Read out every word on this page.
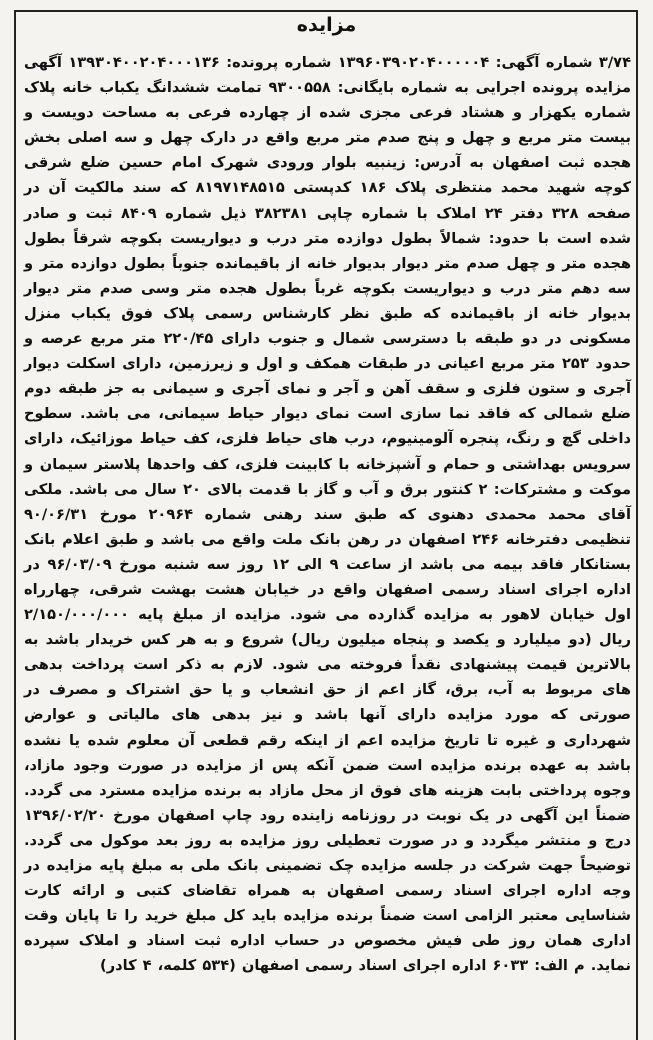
مزایده
۳/۷۴ شماره آگهی: ۱۳۹۶۰۳۹۰۲۰۴۰۰۰۰۰۴ شماره پرونده: ۱۳۹۳۰۴۰۰۲۰۴۰۰۰۱۳۶ آگهی مزایده پرونده اجرایی به شماره بایگانی: ۹۳۰۰۵۵۸ تمامت ششدانگ یکباب خانه پلاک شماره یکهزار و هشتاد فرعی مجزی شده از چهارده فرعی به مساحت دویست و بیست متر مربع و چهل و پنج صدم متر مربع واقع در دارک چهل و سه اصلی بخش هجده ثبت اصفهان به آدرس: زینبیه بلوار ورودی شهرک امام حسین ضلع شرقی کوچه شهید محمد منتظری پلاک ۱۸۶ کدپستی ۸۱۹۷۱۴۸۵۱۵ که سند مالکیت آن در صفحه ۳۲۸ دفتر ۲۴ املاک با شماره چاپی ۳۸۲۳۸۱ ذیل شماره ۸۴۰۹ ثبت و صادر شده است با حدود: شمالاً بطول دوازده متر درب و دیواریست بکوچه شرقاً بطول هجده متر و چهل صدم متر دیوار بدیوار خانه از باقیمانده جنوباً بطول دوازده متر و سه دهم متر درب و دیواریست بکوچه غرباً بطول هجده متر وسی صدم متر دیوار بدیوار خانه از باقیمانده که طبق نظر کارشناس رسمی پلاک فوق یکباب منزل مسکونی در دو طبقه با دسترسی شمال و جنوب دارای ۲۲۰/۴۵ متر مربع عرصه و حدود ۲۵۳ متر مربع اعیانی در طبقات همکف و اول و زیرزمین، دارای اسکلت دیوار آجری و ستون فلزی و سقف آهن و آجر و نمای آجری و سیمانی به جز طبقه دوم ضلع شمالی که فاقد نما سازی است نمای دیوار حیاط سیمانی، می باشد. سطوح داخلی گچ و رنگ، پنجره آلومینیوم، درب های حیاط فلزی، کف حیاط موزائیک، دارای سرویس بهداشتی و حمام و آشپزخانه با کابینت فلزی، کف واحدها پلاستر سیمان و موکت و مشترکات: ۲ کنتور برق و آب و گاز با قدمت بالای ۲۰ سال می باشد. ملکی آقای محمد محمدی دهنوی که طبق سند رهنی شماره ۲۰۹۶۴ مورخ ۹۰/۰۶/۳۱ تنظیمی دفترخانه ۲۴۶ اصفهان در رهن بانک ملت واقع می باشد و طبق اعلام بانک بستانکار فاقد بیمه می باشد از ساعت ۹ الی ۱۲ روز سه شنبه مورخ ۹۶/۰۳/۰۹ در اداره اجرای اسناد رسمی اصفهان واقع در خیابان هشت بهشت شرقی، چهارراه اول خیابان لاهور به مزایده گذارده می شود. مزایده از مبلغ پایه ۲/۱۵۰/۰۰۰/۰۰۰ ریال (دو میلیارد و یکصد و پنجاه میلیون ریال) شروع و به هر کس خریدار باشد به بالاترین قیمت پیشنهادی نقداً فروخته می شود. لازم به ذکر است پرداخت بدهی های مربوط به آب، برق، گاز اعم از حق انشعاب و یا حق اشتراک و مصرف در صورتی که مورد مزایده دارای آنها باشد و نیز بدهی های مالیاتی و عوارض شهرداری و غیره تا تاریخ مزایده اعم از اینکه رقم قطعی آن معلوم شده یا نشده باشد به عهده برنده مزایده است ضمن آنکه پس از مزایده در صورت وجود مازاد، وجوه پرداختی بابت هزینه های فوق از محل مازاد به برنده مزایده مسترد می گردد. ضمناً این آگهی در یک نوبت در روزنامه زاینده رود چاپ اصفهان مورخ ۱۳۹۶/۰۲/۲۰ درج و منتشر میگردد و در صورت تعطیلی روز مزایده به روز بعد موکول می گردد. توضیحاً جهت شرکت در جلسه مزایده چک تضمینی بانک ملی به مبلغ پایه مزایده در وجه اداره اجرای اسناد رسمی اصفهان به همراه تقاضای کتبی و ارائه کارت شناسایی معتبر الزامی است ضمناً برنده مزایده باید کل مبلغ خرید را تا پایان وقت اداری همان روز طی فیش مخصوص در حساب اداره ثبت اسناد و املاک سپرده نماید. م الف: ۶۰۳۳ اداره اجرای اسناد رسمی اصفهان (۵۳۴ کلمه، ۴ کادر)
